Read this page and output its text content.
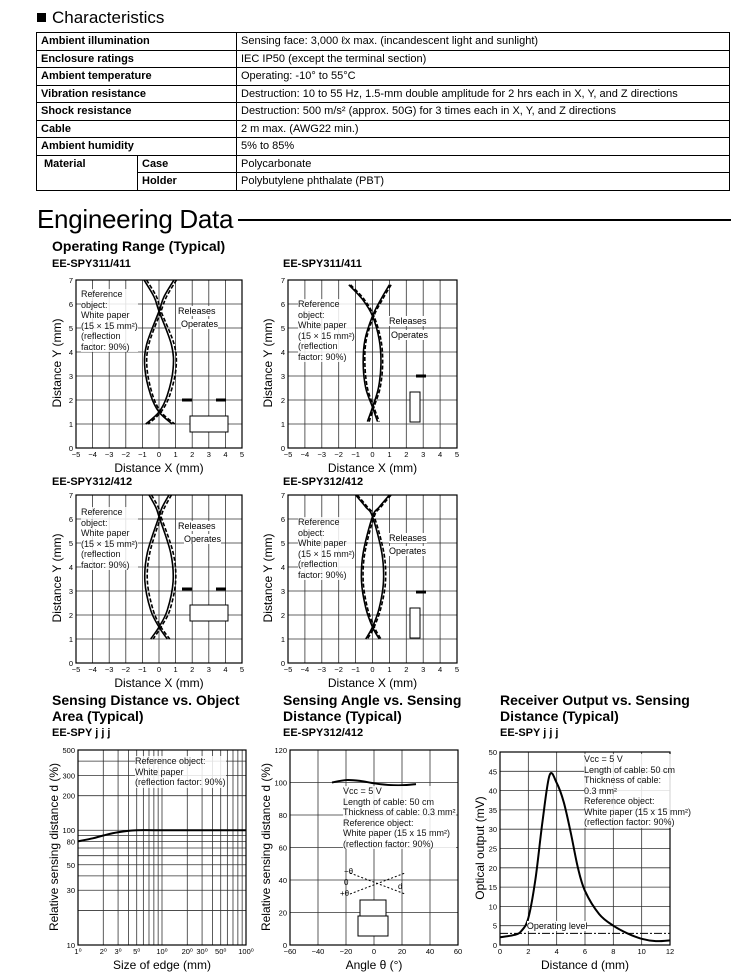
−5 −4 −3 −2 −1 0 1 2 3 4 5
0
1
2
3
4
5
6
7
−5 −4 −3 −2 −1 0 1 2 3 4 5
0
1
2
3
4
5
6
7
−5 −4 −3 −2 −1 0 1 2 3 4 5
0
1
2
3
4
5
6
7
−5 −4 −3 −2 −1 0 1 2 3 4 5
0
1
2
3
4
5
6
7
1⁰ 2⁰ 3⁰ 5⁰ 10⁰ 20⁰ 30⁰ 50⁰ 100⁰
10
30
50
80
100
200
300
500
−60 −40 −20	0	20	40	60
0
20
40
60
80
100
120
0	2	4	6	8	10	12
0
5
10
15
20
25
30
35
40
45
50
Characteristics
Ambient illumination		Sensing face: 3,000 ℓx max. (incandescent light and sunlight)
Enclosure ratings		IEC IP50 (except the terminal section)
Ambient temperature		Operating: -10° to 55°C
Vibration resistance		Destruction: 10 to 55 Hz, 1.5-mm double amplitude for 2 hrs each in X, Y, and Z directions
Shock resistance		Destruction: 500 m/s² (approx. 50G) for 3 times each in X, Y, and Z directions
Cable		2 m max. (AWG22 min.)
Ambient humidity		5% to 85%
Material	Case	Polycarbonate
	Holder	Polybutylene phthalate (PBT)
Engineering Data
Operating Range (Typical)
Sensing Distance vs. Object
Area (Typical)
Sensing Angle vs. Sensing
Distance (Typical)
Receiver Output vs. Sensing
Distance (Typical)
EE-SPY311/411
Distance X (mm)
Distance Y (mm)
Reference
object:
White paper
(15 × 15 mm²)
(reflection
factor: 90%)
Releases
Operates
EE-SPY311/411
Distance X (mm)
Distance Y (mm)
Reference
object:
White paper
(15 × 15 mm²)
(reflection
factor: 90%)
Releases
Operates
EE-SPY312/412
Distance X (mm)
Distance Y (mm)
Reference
object:
White paper
(15 × 15 mm²)
(reflection
factor: 90%)
Releases
Operates
EE-SPY312/412
Distance X (mm)
Distance Y (mm)
Reference
object:
White paper
(15 × 15 mm²)
(reflection
factor: 90%)
Releases
Operates
EE-SPY j j j
Size of edge (mm)
Relative sensing distance d (%)
Reference object:
White paper
(reflection factor: 90%)
EE-SPY312/412
Angle θ (°)
Relative sensing distance d (%)	Vcc = 5 V
Length of cable: 50 cm
Thickness of cable: 0.3 mm²
Reference object:
White paper (15 x 15 mm²)
(reflection factor: 90%)
−θ
0
+θ
d
Operating level
EE-SPY j j j
Distance d (mm)
Optical output (mV)
Vcc = 5 V
Length of cable: 50 cm
Thickness of cable:
0.3 mm²
Reference object:
White paper (15 x 15 mm²)
(reflection factor: 90%)
